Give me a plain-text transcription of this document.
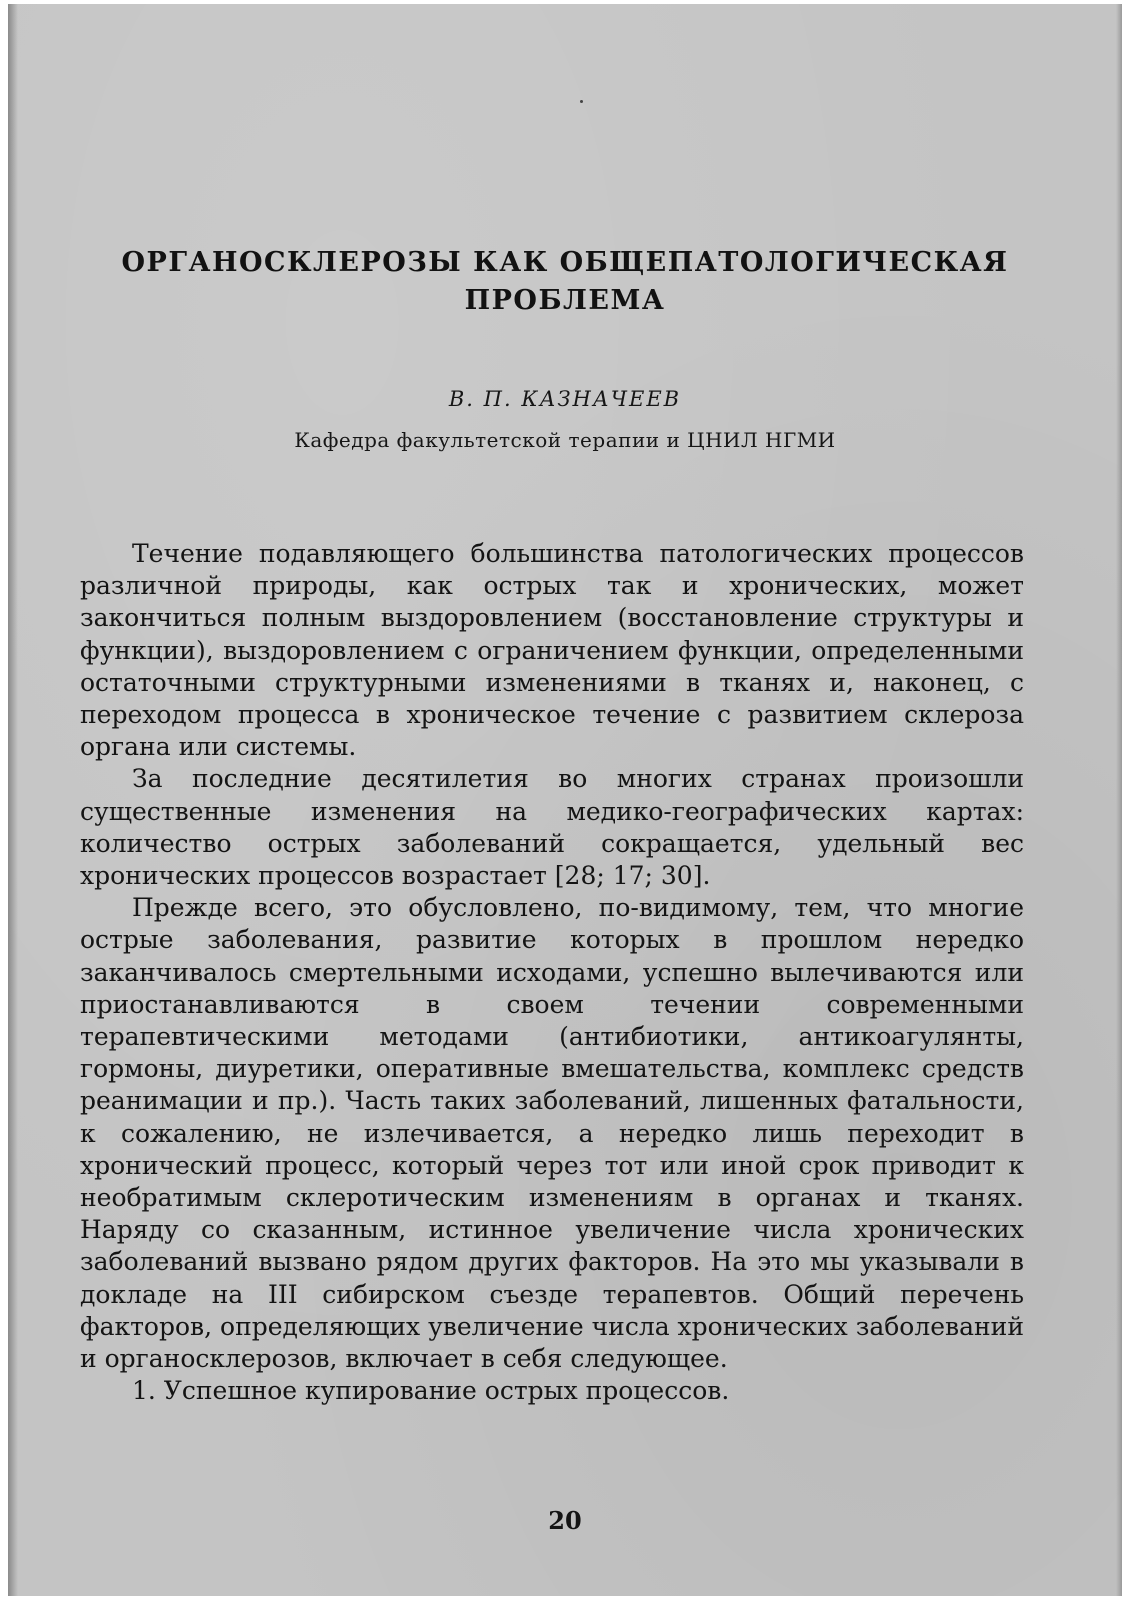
ОРГАНОСКЛЕРОЗЫ КАК ОБЩЕПАТОЛОГИЧЕСКАЯ
ПРОБЛЕМА
В. П. КАЗНАЧЕЕВ
Кафедра факультетской терапии и ЦНИЛ НГМИ

Течение подавляющего большинства патологических процессов различной природы, как острых так и хронических, может закончиться полным выздоровлением (восстановление структуры и функции), выздоровлением с ограничением функции, определенными остаточными структурными изменениями в тканях и, наконец, с переходом процесса в хроническое течение с развитием склероза органа или системы.

За последние десятилетия во многих странах произошли существенные изменения на медико-географических картах: количество острых заболеваний сокращается, удельный вес хронических процессов возрастает [28; 17; 30].

Прежде всего, это обусловлено, по-видимому, тем, что многие острые заболевания, развитие которых в прошлом нередко заканчивалось смертельными исходами, успешно вылечиваются или приостанавливаются в своем течении современными терапевтическими методами (антибиотики, антикоагулянты, гормоны, диуретики, оперативные вмешательства, комплекс средств реанимации и пр.). Часть таких заболеваний, лишенных фатальности, к сожалению, не излечивается, а нередко лишь переходит в хронический процесс, который через тот или иной срок приводит к необратимым склеротическим изменениям в органах и тканях. Наряду со сказанным, истинное увеличение числа хронических заболеваний вызвано рядом других факторов. На это мы указывали в докладе на III сибирском съезде терапевтов. Общий перечень факторов, определяющих увеличение числа хронических заболеваний и органосклерозов, включает в себя следующее.

1. Успешное купирование острых процессов.

20
